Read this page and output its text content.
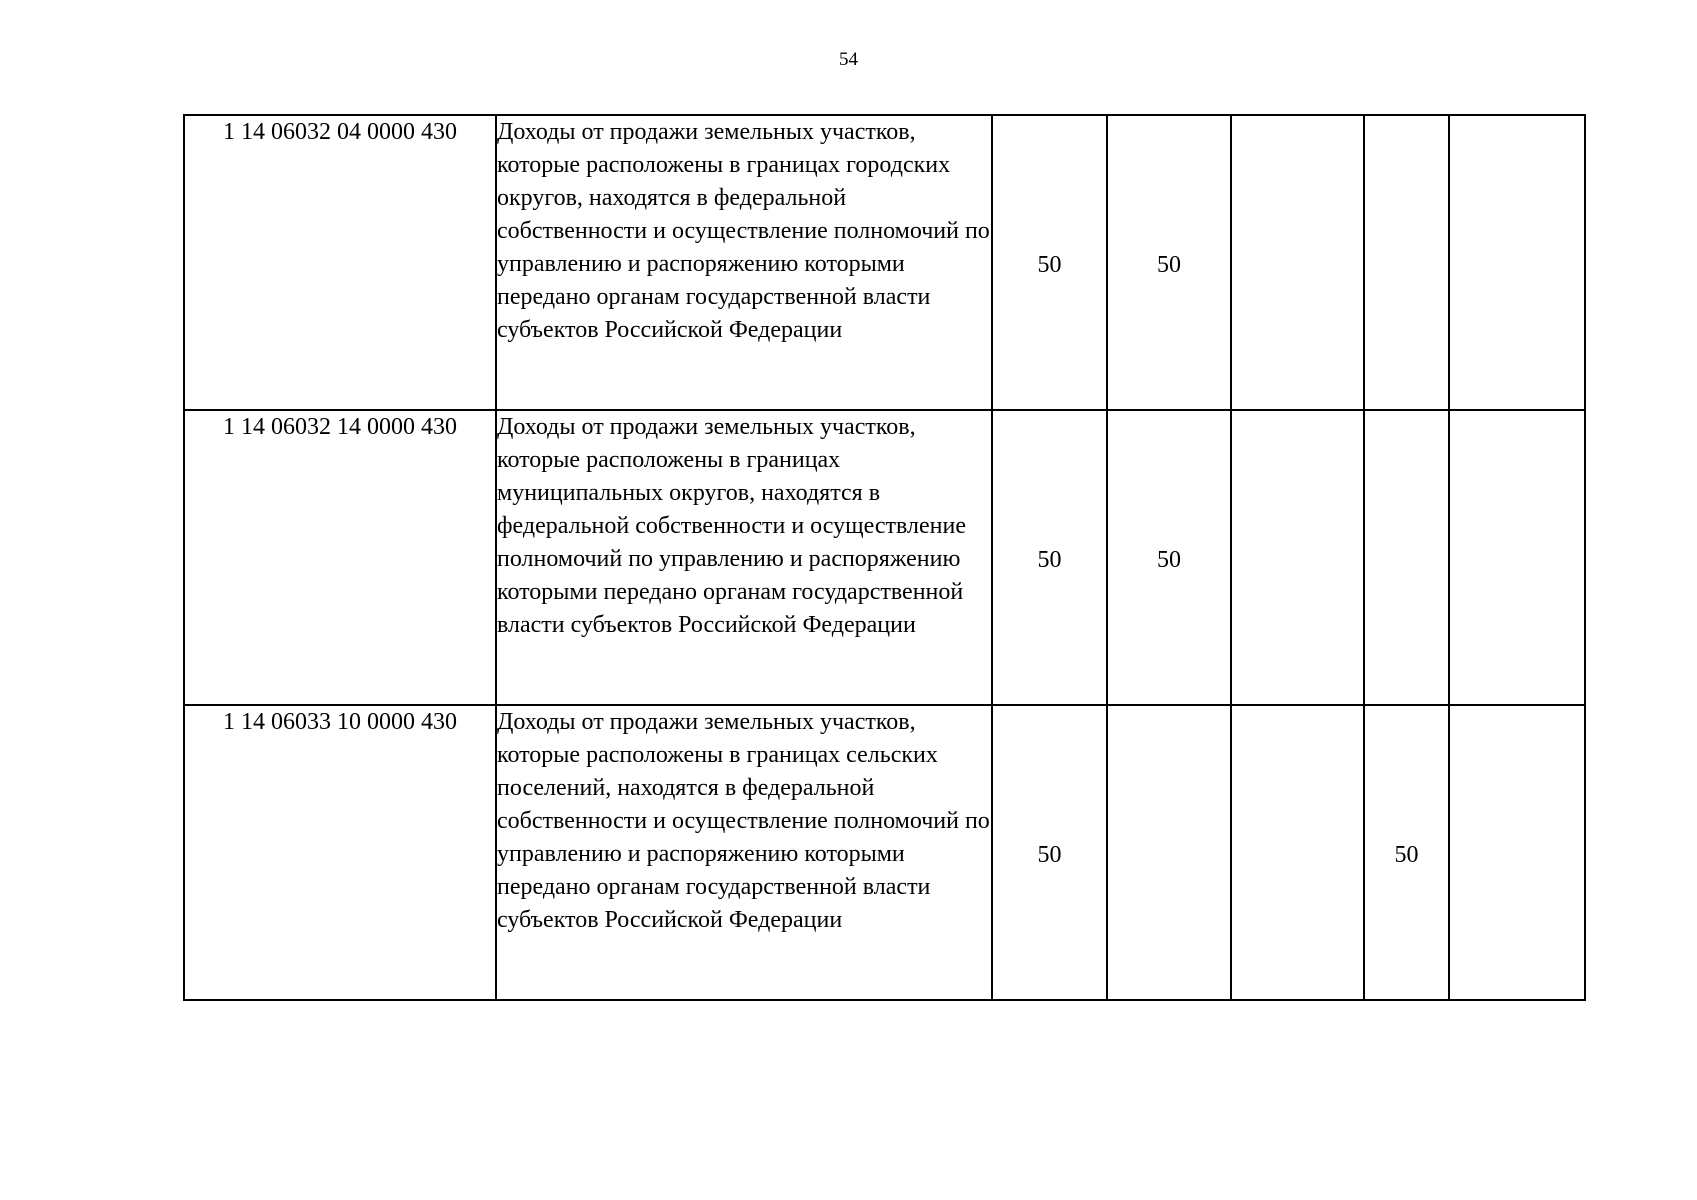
54
1 14 06032 04 0000 430	Доходы от продажи земельных участков, которые расположены в границах городских округов, находятся в федеральной собственности и осуществление полномочий по управлению и распоряжению которыми передано органам государственной власти субъектов Российской Федерации	50	50			
1 14 06032 14 0000 430	Доходы от продажи земельных участков, которые расположены в границах муниципальных округов, находятся в федеральной собственности и осуществление полномочий по управлению и распоряжению которыми передано органам государственной власти субъектов Российской Федерации	50	50			
1 14 06033 10 0000 430	Доходы от продажи земельных участков, которые расположены в границах сельских поселений, находятся в федеральной собственности и осуществление полномочий по управлению и распоряжению которыми передано органам государственной власти субъектов Российской Федерации	50			50	
